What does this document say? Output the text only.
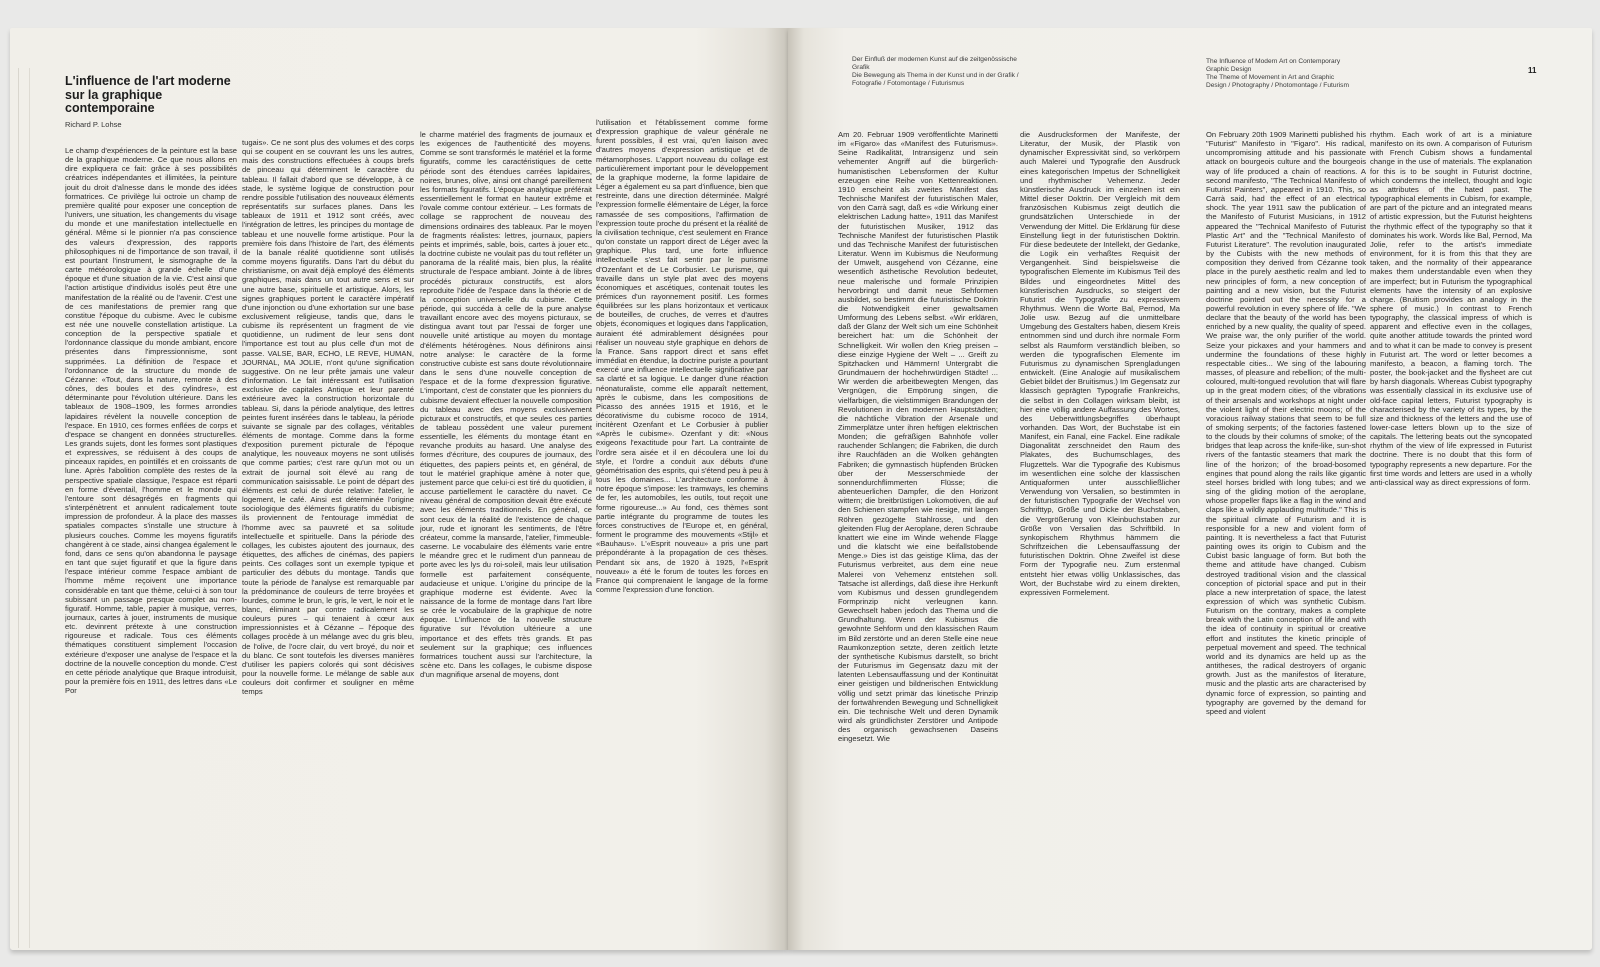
L'influence de l'art moderne sur la graphique contemporaine
Richard P. Lohse

Le champ d'expériences de la peinture est la base de la graphique moderne. Ce que nous allons en dire expliquera ce fait: grâce à ses possibilités créatrices indépendantes et illimitées, la peinture jouit du droit d'aînesse dans le monde des idées formatrices. Ce privilège lui octroie un champ de première qualité pour exposer une conception de l'univers, une situation, les changements du visage du monde et une manifestation intellectuelle en général. Même si le pionnier n'a pas conscience des valeurs d'expression, des rapports philosophiques ni de l'importance de son travail, il est pourtant l'instrument, le sismographe de la carte météorologique à grande échelle d'une époque et d'une situation de la vie. C'est ainsi que l'action artistique d'individus isolés peut être une manifestation de la réalité ou de l'avenir. C'est une de ces manifestations de premier rang que constitue l'époque du cubisme. Avec le cubisme est née une nouvelle constellation artistique. La conception de la perspective spatiale et l'ordonnance classique du monde ambiant, encore présentes dans l'impressionnisme, sont supprimées. La définition de l'espace et l'ordonnance de la structure du monde de Cézanne: «Tout, dans la nature, remonte à des cônes, des boules et des cylindres», est déterminante pour l'évolution ultérieure. Dans les tableaux de 1908–1909, les formes arrondies lapidaires révèlent la nouvelle conception de l'espace. En 1910, ces formes enflées de corps et d'espace se changent en données structurelles. Les grands sujets, dont les formes sont plastiques et expressives, se réduisent à des coups de pinceaux rapides, en pointillés et en croissants de lune. Après l'abolition complète des restes de la perspective spatiale classique, l'espace est réparti en forme d'éventail, l'homme et le monde qui l'entoure sont désagrégés en fragments qui s'interpénètrent et annulent radicalement toute impression de profondeur. À la place des masses spatiales compactes s'installe une structure à plusieurs couches. Comme les moyens figuratifs changèrent à ce stade, ainsi changea également le fond, dans ce sens qu'on abandonna le paysage en tant que sujet figuratif et que la figure dans l'espace intérieur comme l'espace ambiant de l'homme même reçoivent une importance considérable en tant que thème, celui-ci à son tour subissant un passage presque complet au non-figuratif. Homme, table, papier à musique, verres, journaux, cartes à jouer, instruments de musique etc. devinrent prétexte à une construction rigoureuse et radicale. Tous ces éléments thématiques constituent simplement l'occasion extérieure d'exposer une analyse de l'espace et la doctrine de la nouvelle conception du monde. C'est en cette période analytique que Braque introduisit, pour la première fois en 1911, des lettres dans «Le Por

tugais». Ce ne sont plus des volumes et des corps qui se coupent en se couvrant les uns les autres, mais des constructions effectuées à coups brefs de pinceau qui déterminent le caractère du tableau. Il fallait d'abord que se développe, à ce stade, le système logique de construction pour rendre possible l'utilisation des nouveaux éléments représentatifs sur surfaces planes. Dans les tableaux de 1911 et 1912 sont créés, avec l'intégration de lettres, les principes du montage de tableau et une nouvelle forme artistique. Pour la première fois dans l'histoire de l'art, des éléments de la banale réalité quotidienne sont utilisés comme moyens figuratifs. Dans l'art du début du christianisme, on avait déjà employé des éléments graphiques, mais dans un tout autre sens et sur une autre base, spirituelle et artistique. Alors, les signes graphiques portent le caractère impératif d'une injonction ou d'une exhortation sur une base exclusivement religieuse, tandis que, dans le cubisme ils représentent un fragment de vie quotidienne, un rudiment de leur sens dont l'importance est tout au plus celle d'un mot de passe. VALSE, BAR, ECHO, LE REVE, HUMAN, JOURNAL, MA JOLIE, n'ont qu'une signification suggestive. On ne leur prête jamais une valeur d'information. Le fait intéressant est l'utilisation exclusive de capitales Antique et leur parenté extérieure avec la construction horizontale du tableau. Si, dans la période analytique, des lettres peintes furent insérées dans le tableau, la période suivante se signale par des collages, véritables éléments de montage. Comme dans la forme d'exposition purement picturale de l'époque analytique, les nouveaux moyens ne sont utilisés que comme parties; c'est rare qu'un mot ou un extrait de journal soit élevé au rang de communication saisissable. Le point de départ des éléments est celui de durée relative: l'atelier, le logement, le café. Ainsi est déterminée l'origine sociologique des éléments figuratifs du cubisme; ils proviennent de l'entourage immédiat de l'homme avec sa pauvreté et sa solitude intellectuelle et spirituelle. Dans la période des collages, les cubistes ajoutent des journaux, des étiquettes, des affiches de cinémas, des papiers peints. Ces collages sont un exemple typique et particulier des débuts du montage. Tandis que toute la période de l'analyse est remarquable par la prédominance de couleurs de terre broyées et lourdes, comme le brun, le gris, le vert, le noir et le blanc, éliminant par contre radicalement les couleurs pures – qui tenaient à cœur aux impressionnistes et à Cézanne – l'époque des collages procède à un mélange avec du gris bleu, de l'olive, de l'ocre clair, du vert broyé, du noir et du blanc. Ce sont toutefois les diverses manières d'utiliser les papiers colorés qui sont décisives pour la nouvelle forme. Le mélange de sable aux couleurs doit confirmer et souligner en même temps

le charme matériel des fragments de journaux et les exigences de l'authenticité des moyens. Comme se sont transformés le matériel et la forme figuratifs, comme les caractéristiques de cette période sont des étendues carrées lapidaires, noires, brunes, olive, ainsi ont changé pareillement les formats figuratifs. L'époque analytique préférait essentiellement le format en hauteur extrême et l'ovale comme contour extérieur. – Les formats de collage se rapprochent de nouveau des dimensions ordinaires des tableaux. Par le moyen de fragments réalistes: lettres, journaux, papiers peints et imprimés, sable, bois, cartes à jouer etc., la doctrine cubiste ne voulait pas du tout refléter un panorama de la réalité mais, bien plus, la réalité structurale de l'espace ambiant. Jointe à de libres procédés picturaux constructifs, est alors reproduite l'idée de l'espace dans la théorie et de la conception universelle du cubisme. Cette période, qui succéda à celle de la pure analyse travaillant encore avec des moyens picturaux, se distingua avant tout par l'essai de forger une nouvelle unité artistique au moyen du montage d'éléments hétérogènes. Nous définirons ainsi notre analyse: le caractère de la forme constructive cubiste est sans doute révolutionnaire dans le sens d'une nouvelle conception de l'espace et de la forme d'expression figurative. L'important, c'est de constater que les pionniers du cubisme devaient effectuer la nouvelle composition du tableau avec des moyens exclusivement picturaux et constructifs, et que seules ces parties de tableau possèdent une valeur purement essentielle, les éléments du montage étant en revanche produits au hasard. Une analyse des formes d'écriture, des coupures de journaux, des étiquettes, des papiers peints et, en général, de tout le matériel graphique amène à noter que, justement parce que celui-ci est tiré du quotidien, il accuse partiellement le caractère du navet. Ce niveau général de composition devait être exécuté avec les éléments traditionnels. En général, ce sont ceux de la réalité de l'existence de chaque jour, rude et ignorant les sentiments, de l'être créateur, comme la mansarde, l'atelier, l'immeuble-caserne. Le vocabulaire des éléments varie entre le méandre grec et le rudiment d'un panneau de porte avec les lys du roi-soleil, mais leur utilisation formelle est parfaitement conséquente, audacieuse et unique. L'origine du principe de la graphique moderne est évidente. Avec la naissance de la forme de montage dans l'art libre se crée le vocabulaire de la graphique de notre époque. L'influence de la nouvelle structure figurative sur l'évolution ultérieure a une importance et des effets très grands. Et pas seulement sur la graphique; ces influences formatrices touchent aussi sur l'architecture, la scène etc. Dans les collages, le cubisme dispose d'un magnifique arsenal de moyens, dont

l'utilisation et l'établissement comme forme d'expression graphique de valeur générale ne furent possibles, il est vrai, qu'en liaison avec d'autres moyens d'expression artistique et de métamorphoses. L'apport nouveau du collage est particulièrement important pour le développement de la graphique moderne, la forme lapidaire de Léger a également eu sa part d'influence, bien que restreinte, dans une direction déterminée. Malgré l'expression formelle élémentaire de Léger, la force ramassée de ses compositions, l'affirmation de l'expression toute proche du présent et la réalité de la civilisation technique, c'est seulement en France qu'on constate un rapport direct de Léger avec la graphique. Plus tard, une forte influence intellectuelle s'est fait sentir par le purisme d'Ozenfant et de Le Corbusier. Le purisme, qui travaille dans un style plat avec des moyens économiques et ascétiques, contenait toutes les prémices d'un rayonnement positif. Les formes équilibrées sur les plans horizontaux et verticaux de bouteilles, de cruches, de verres et d'autres objets, économiques et logiques dans l'application, auraient été admirablement désignées pour réaliser un nouveau style graphique en dehors de la France. Sans rapport direct et sans effet immédiat en étendue, la doctrine puriste a pourtant exercé une influence intellectuelle significative par sa clarté et sa logique. Le danger d'une réaction néonaturaliste, comme elle apparaît nettement, après le cubisme, dans les compositions de Picasso des années 1915 et 1916, et le décorativisme du cubisme rococo de 1914, incitèrent Ozenfant et Le Corbusier à publier «Après le cubisme». Ozenfant y dit: «Nous exigeons l'exactitude pour l'art. La contrainte de l'ordre sera aisée et il en découlera une loi du style, et l'ordre a conduit aux débuts d'une géométrisation des esprits, qui s'étend peu à peu à tous les domaines... L'architecture conforme à notre époque s'impose: les tramways, les chemins de fer, les automobiles, les outils, tout reçoit une forme rigoureuse...» Au fond, ces thèmes sont partie intégrante du programme de toutes les forces constructives de l'Europe et, en général, forment le programme des mouvements «Stijl» et «Bauhaus». L'«Esprit nouveau» a pris une part prépondérante à la propagation de ces thèses. Pendant six ans, de 1920 à 1925, l'«Esprit nouveau» a été le forum de toutes les forces en France qui comprenaient le langage de la forme comme l'expression d'une fonction.

Der Einfluß der modernen Kunst auf die zeitgenössische Grafik
Die Bewegung als Thema in der Kunst und in der Grafik / Fotografie / Fotomontage / Futurismus
The Influence of Modern Art on Contemporary Graphic Design
The Theme of Movement in Art and Graphic Design / Photography / Photomontage / Futurism
11

Am 20. Februar 1909 veröffentlichte Marinetti im «Figaro» das «Manifest des Futurismus». Seine Radikalität, Intransigenz und sein vehementer Angriff auf die bürgerlich-humanistischen Lebensformen der Kultur erzeugen eine Reihe von Kettenreaktionen. 1910 erscheint als zweites Manifest das Technische Manifest der futuristischen Maler, von den Carrà sagt, daß es «die Wirkung einer elektrischen Ladung hatte», 1911 das Manifest der futuristischen Musiker, 1912 das Technische Manifest der futuristischen Plastik und das Technische Manifest der futuristischen Literatur. Wenn im Kubismus die Neuformung der Umwelt, ausgehend von Cézanne, eine wesentlich ästhetische Revolution bedeutet, neue malerische und formale Prinzipien hervorbringt und damit neue Sehformen ausbildet, so bestimmt die futuristische Doktrin die Notwendigkeit einer gewaltsamen Umformung des Lebens selbst. «Wir erklären, daß der Glanz der Welt sich um eine Schönheit bereichert hat: um die Schönheit der Schnelligkeit. Wir wollen den Krieg preisen – diese einzige Hygiene der Welt – ... Greift zu Spitzhacken und Hämmern! Untergrabt die Grundmauern der hochehrwürdigen Städte! ... Wir werden die arbeitbewegten Mengen, das Vergnügen, die Empörung singen, die vielfarbigen, die vielstimmigen Brandungen der Revolutionen in den modernen Hauptstädten; die nächtliche Vibration der Arsenale und Zimmerplätze unter ihren heftigen elektrischen Monden; die gefräßigen Bahnhöfe voller rauchender Schlangen; die Fabriken, die durch ihre Rauchfäden an die Wolken gehängten Fabriken; die gymnastisch hüpfenden Brücken über der Messerschmiede der sonnendurchflimmerten Flüsse; die abenteuerlichen Dampfer, die den Horizont wittern; die breitbrüstigen Lokomotiven, die auf den Schienen stampfen wie riesige, mit langen Röhren gezügelte Stahlrosse, und den gleitenden Flug der Aeroplane, deren Schraube knattert wie eine im Winde wehende Flagge und die klatscht wie eine beifallstobende Menge.» Dies ist das geistige Klima, das der Futurismus verbreitet, aus dem eine neue Malerei von Vehemenz entstehen soll. Tatsache ist allerdings, daß diese ihre Herkunft vom Kubismus und dessen grundlegendem Formprinzip nicht verleugnen kann. Gewechselt haben jedoch das Thema und die Grundhaltung. Wenn der Kubismus die gewohnte Sehform und den klassischen Raum im Bild zerstörte und an deren Stelle eine neue Raumkonzeption setzte, deren zeitlich letzte der synthetische Kubismus darstellt, so bricht der Futurismus im Gegensatz dazu mit der latenten Lebensauffassung und der Kontinuität einer geistigen und bildnerischen Entwicklung völlig und setzt primär das kinetische Prinzip der fortwährenden Bewegung und Schnelligkeit ein. Die technische Welt und deren Dynamik wird als gründlichster Zerstörer und Antipode des organisch gewachsenen Daseins eingesetzt. Wie

die Ausdrucksformen der Manifeste, der Literatur, der Musik, der Plastik von dynamischer Expressivität sind, so verkörpern auch Malerei und Typografie den Ausdruck eines kategorischen Impetus der Schnelligkeit und rhythmischer Vehemenz. Jeder künstlerische Ausdruck im einzelnen ist ein Mittel dieser Doktrin. Der Vergleich mit dem französischen Kubismus zeigt deutlich die grundsätzlichen Unterschiede in der Verwendung der Mittel. Die Erklärung für diese Einstellung liegt in der futuristischen Doktrin. Für diese bedeutete der Intellekt, der Gedanke, die Logik ein verhaßtes Requisit der Vergangenheit. Sind beispielsweise die typografischen Elemente im Kubismus Teil des Bildes und eingeordnetes Mittel des künstlerischen Ausdrucks, so steigert der Futurist die Typografie zu expressivem Rhythmus. Wenn die Worte Bal, Pernod, Ma Jolie usw. Bezug auf die unmittelbare Umgebung des Gestalters haben, diesem Kreis entnommen sind und durch ihre normale Form selbst als Raumform verständlich bleiben, so werden die typografischen Elemente im Futurismus zu dynamischen Sprengladungen entwickelt. (Eine Analogie auf musikalischem Gebiet bildet der Bruitismus.) Im Gegensatz zur klassisch geprägten Typografie Frankreichs, die selbst in den Collagen wirksam bleibt, ist hier eine völlig andere Auffassung des Wortes, des Ueberwittlungsbegriffes überhaupt vorhanden. Das Wort, der Buchstabe ist ein Manifest, ein Fanal, eine Fackel. Eine radikale Diagonalität zerschneidet den Raum des Plakates, des Buchumschlages, des Flugzettels. War die Typografie des Kubismus im wesentlichen eine solche der klassischen Antiquaformen unter ausschließlicher Verwendung von Versalien, so bestimmten in der futuristischen Typografie der Wechsel von Schrifttyp, Größe und Dicke der Buchstaben, die Vergrößerung von Kleinbuchstaben zur Größe von Versalien das Schriftbild. In synkopischem Rhythmus hämmern die Schriftzeichen die Lebensauffassung der futuristischen Doktrin. Ohne Zweifel ist diese Form der Typografie neu. Zum erstenmal entsteht hier etwas völlig Unklassisches, das Wort, der Buchstabe wird zu einem direkten, expressiven Formelement.

On February 20th 1909 Marinetti published his "Futurist" Manifesto in "Figaro". His radical, uncompromising attitude and his passionate attack on bourgeois culture and the bourgeois way of life produced a chain of reactions. A second manifesto, "The Technical Manifesto of Futurist Painters", appeared in 1910. This, so Carrà said, had the effect of an electrical shock. The year 1911 saw the publication of the Manifesto of Futurist Musicians, in 1912 appeared the "Technical Manifesto of Futurist Plastic Art" and the "Technical Manifesto of Futurist Literature". The revolution inaugurated by the Cubists with the new methods of composition they derived from Cézanne took place in the purely aesthetic realm and led to new principles of form, a new conception of painting and a new vision, but the Futurist doctrine pointed out the necessity for a powerful revolution in every sphere of life. "We declare that the beauty of the world has been enriched by a new quality, the quality of speed. We praise war, the only purifier of the world. Seize your pickaxes and your hammers and undermine the foundations of these highly respectable cities... We sing of the labouring masses, of pleasure and rebellion; of the multi-coloured, multi-tongued revolution that will flare up in the great modern cities; of the vibrations of their arsenals and workshops at night under the violent light of their electric moons; of the voracious railway stations that seem to be full of smoking serpents; of the factories fastened to the clouds by their columns of smoke; of the bridges that leap across the knife-like, sun-shot rivers of the fantastic steamers that mark the line of the horizon; of the broad-bosomed engines that pound along the rails like gigantic steel horses bridled with long tubes; and we sing of the gliding motion of the aeroplane, whose propeller flaps like a flag in the wind and claps like a wildly applauding multitude." This is the spiritual climate of Futurism and it is responsible for a new and violent form of painting. It is nevertheless a fact that Futurist painting owes its origin to Cubism and the Cubist basic language of form. But both the theme and attitude have changed. Cubism destroyed traditional vision and the classical conception of pictorial space and put in their place a new interpretation of space, the latest expression of which was synthetic Cubism. Futurism on the contrary, makes a complete break with the Latin conception of life and with the idea of continuity in spiritual or creative effort and institutes the kinetic principle of perpetual movement and speed. The technical world and its dynamics are held up as the antitheses, the radical destroyers of organic growth. Just as the manifestos of literature, music and the plastic arts are characterised by dynamic force of expression, so painting and typography are governed by the demand for speed and violent

rhythm. Each work of art is a miniature manifesto on its own. A comparison of Futurism with French Cubism shows a fundamental change in the use of materials. The explanation for this is to be sought in Futurist doctrine, which condemns the intellect, thought and logic as attributes of the hated past. The typographical elements in Cubism, for example, are part of the picture and an integrated means of artistic expression, but the Futurist heightens the rhythmic effect of the typography so that it dominates his work. Words like Bal, Pernod, Ma Jolie, refer to the artist's immediate environment, for it is from this that they are taken, and the normality of their appearance makes them understandable even when they are imperfect; but in Futurism the typographical elements have the intensity of an explosive charge. (Bruitism provides an analogy in the sphere of music.) In contrast to French typography, the classical impress of which is apparent and effective even in the collages, quite another attitude towards the printed word and to what it can be made to convey is present in Futurist art. The word or letter becomes a manifesto, a beacon, a flaming torch. The poster, the book-jacket and the flysheet are cut by harsh diagonals. Whereas Cubist typography was essentially classical in its exclusive use of old-face capital letters, Futurist typography is characterised by the variety of its types, by the size and thickness of the letters and the use of lower-case letters blown up to the size of capitals. The lettering beats out the syncopated rhythm of the view of life expressed in Futurist doctrine. There is no doubt that this form of typography represents a new departure. For the first time words and letters are used in a wholly anti-classical way as direct expressions of form.
